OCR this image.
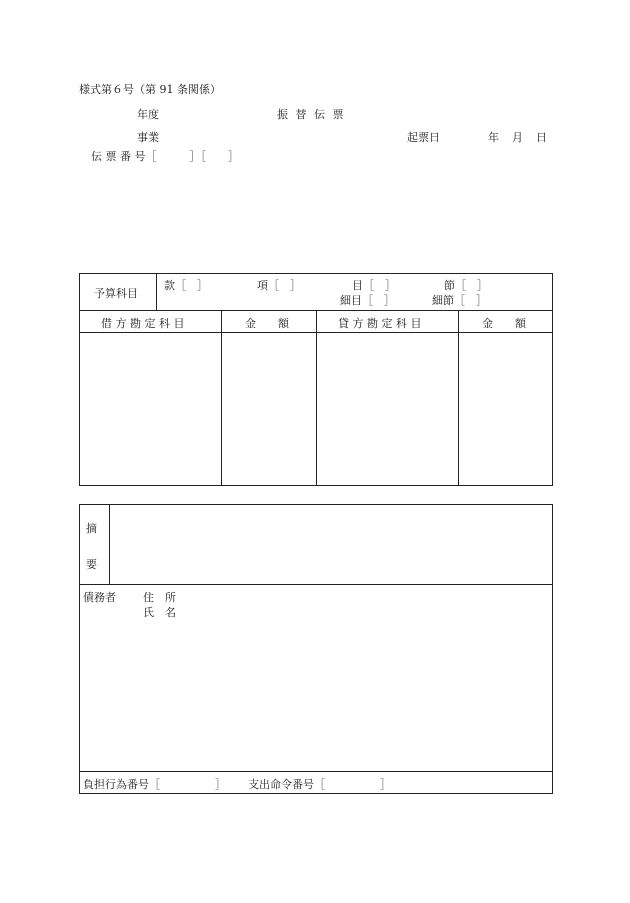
様式第６号（第 91 条関係）
年度	振 替 伝 票
事業	起票日	年 月 日
伝 票 番 号［　　　］［　　］
予算科目
款［　］	項［　］	目［　］	節［　］
細目［　］	細節［　］
借 方 勘 定 科 目	金　　額	貸 方 勘 定 科 目	金　　額
摘
要
債務者 住　所
氏　名
負担行為番号［　　　　　］ 支出命令番号［　　　　　］
